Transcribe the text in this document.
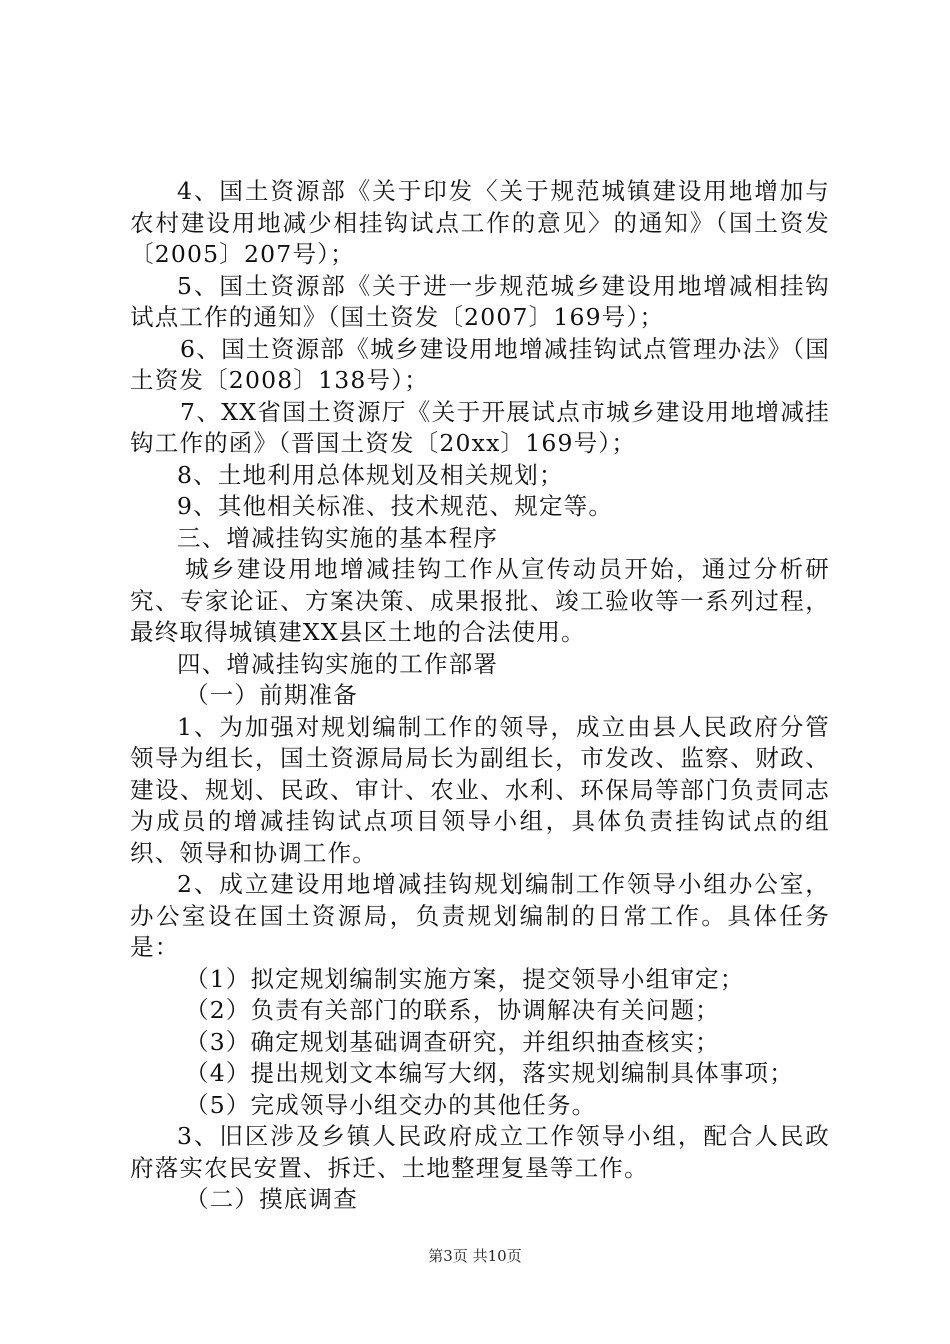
4、国土资源部《关于印发〈关于规范城镇建设用地增加与农村建设用地减少相挂钩试点工作的意见〉的通知》（国土资发〔2005〕207号）；

5、国土资源部《关于进一步规范城乡建设用地增减相挂钩试点工作的通知》（国土资发〔2007〕169号）；

6、国土资源部《城乡建设用地增减挂钩试点管理办法》（国土资发〔2008〕138号）；

7、XX省国土资源厅《关于开展试点市城乡建设用地增减挂钩工作的函》（晋国土资发〔20xx〕169号）；

8、土地利用总体规划及相关规划；

9、其他相关标准、技术规范、规定等。

三、增减挂钩实施的基本程序

城乡建设用地增减挂钩工作从宣传动员开始，通过分析研究、专家论证、方案决策、成果报批、竣工验收等一系列过程，最终取得城镇建XX县区土地的合法使用。

四、增减挂钩实施的工作部署

（一）前期准备

1、为加强对规划编制工作的领导，成立由县人民政府分管领导为组长，国土资源局局长为副组长，市发改、监察、财政、建设、规划、民政、审计、农业、水利、环保局等部门负责同志为成员的增减挂钩试点项目领导小组，具体负责挂钩试点的组织、领导和协调工作。

2、成立建设用地增减挂钩规划编制工作领导小组办公室，办公室设在国土资源局，负责规划编制的日常工作。具体任务是：

（1）拟定规划编制实施方案，提交领导小组审定；

（2）负责有关部门的联系，协调解决有关问题；

（3）确定规划基础调查研究，并组织抽查核实；

（4）提出规划文本编写大纲，落实规划编制具体事项；

（5）完成领导小组交办的其他任务。

3、旧区涉及乡镇人民政府成立工作领导小组，配合人民政府落实农民安置、拆迁、土地整理复垦等工作。

（二）摸底调查

第3页 共10页
